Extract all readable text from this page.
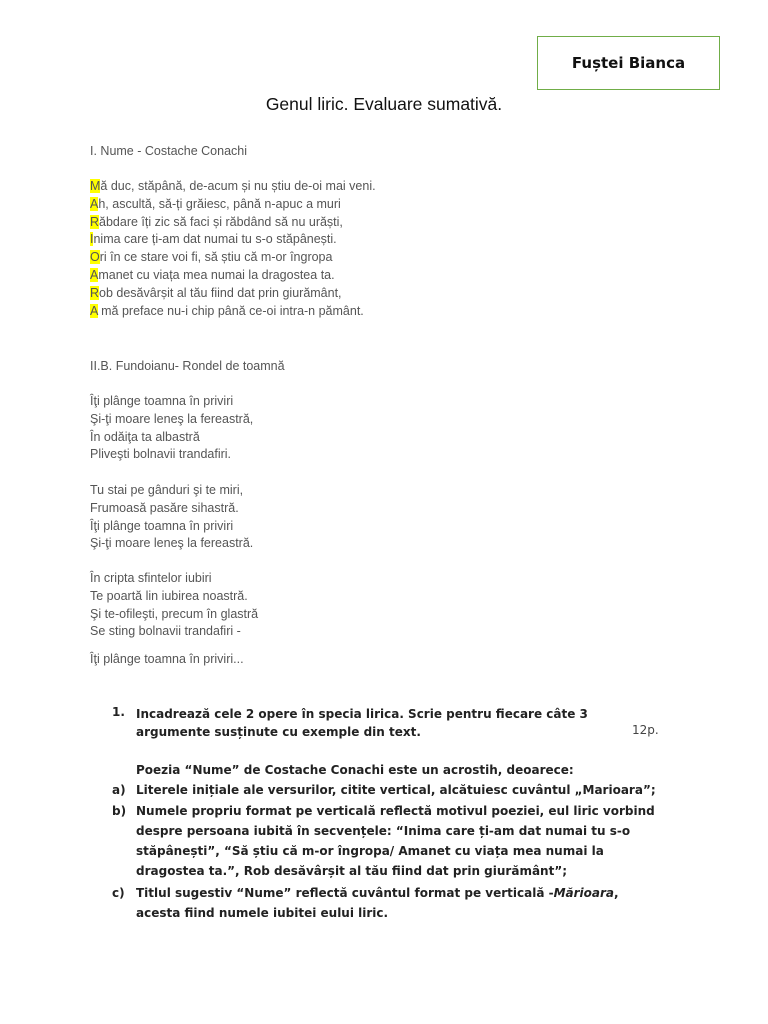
Fuștei Bianca
Genul liric. Evaluare sumativă.
I. Nume - Costache Conachi
Mă duc, stăpână, de-acum și nu știu de-oi mai veni.
Ah, ascultă, să-ți grăiesc, până n-apuc a muri
Răbdare îți zic să faci și răbdând să nu urăști,
Inima care ți-am dat numai tu s-o stăpânești.
Ori în ce stare voi fi, să știu că m-or îngropa
Amanet cu viața mea numai la dragostea ta.
Rob desăvârșit al tău fiind dat prin giurământ,
A mă preface nu-i chip până ce-oi intra-n pământ.
II.B. Fundoianu- Rondel de toamnă
Îţi plânge toamna în priviri
Şi-ţi moare leneş la fereastră,
În odăiţa ta albastră
Pliveşti bolnavii trandafiri.
Tu stai pe gânduri şi te miri,
Frumoasă pasăre sihastră.
Îţi plânge toamna în priviri
Şi-ţi moare leneş la fereastră.
În cripta sfintelor iubiri
Te poartă lin iubirea noastră.
Şi te-ofileşti, precum în glastră
Se sting bolnavii trandafiri -
Îţi plânge toamna în priviri...
1. Incadrează cele 2 opere în specia lirica. Scrie pentru fiecare câte 3 argumente susținute cu exemple din text.	12p.
Poezia “Nume” de Costache Conachi este un acrostih, deoarece:
a) Literele inițiale ale versurilor, citite vertical, alcătuiesc cuvântul „Marioara”;
b) Numele propriu format pe verticală reflectă motivul poeziei, eul liric vorbind despre persoana iubită în secvențele: “Inima care ți-am dat numai tu s-o stăpânești”, “Să știu că m-or îngropa/ Amanet cu viața mea numai la dragostea ta.”, Rob desăvârșit al tău fiind dat prin giurământ”;
c) Titlul sugestiv “Nume” reflectă cuvântul format pe verticală -Mărioara, acesta fiind numele iubitei eului liric.
